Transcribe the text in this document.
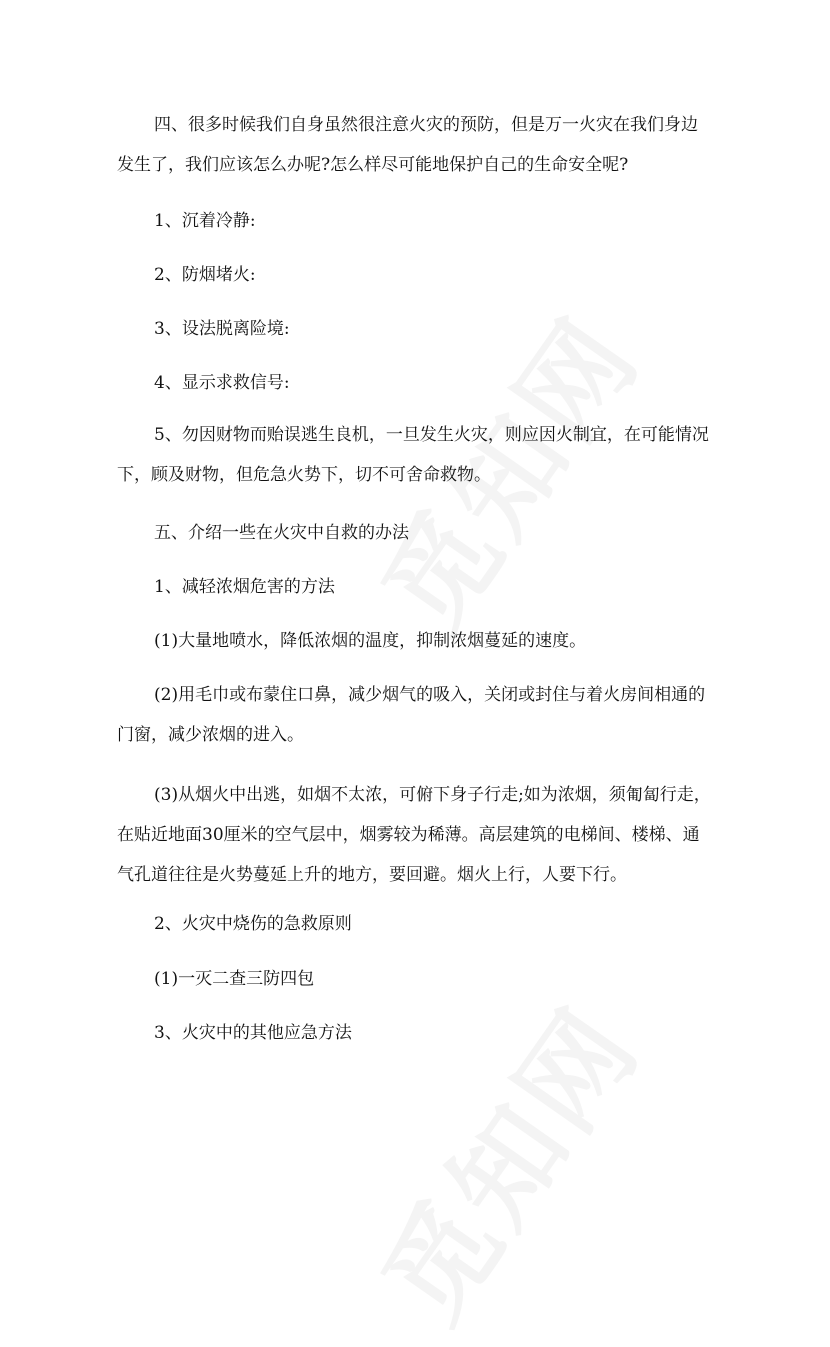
四、很多时候我们自身虽然很注意火灾的预防，但是万一火灾在我们身边发生了，我们应该怎么办呢?怎么样尽可能地保护自己的生命安全呢?

1、沉着冷静:

2、防烟堵火:

3、设法脱离险境:

4、显示求救信号:

5、勿因财物而贻误逃生良机，一旦发生火灾，则应因火制宜，在可能情况下，顾及财物，但危急火势下，切不可舍命救物。

五、介绍一些在火灾中自救的办法

1、减轻浓烟危害的方法

(1)大量地喷水，降低浓烟的温度，抑制浓烟蔓延的速度。

(2)用毛巾或布蒙住口鼻，减少烟气的吸入，关闭或封住与着火房间相通的门窗，减少浓烟的进入。

(3)从烟火中出逃，如烟不太浓，可俯下身子行走;如为浓烟，须匍匐行走，在贴近地面30厘米的空气层中，烟雾较为稀薄。高层建筑的电梯间、楼梯、通气孔道往往是火势蔓延上升的地方，要回避。烟火上行，人要下行。

2、火灾中烧伤的急救原则

(1)一灭二查三防四包

3、火灾中的其他应急方法
